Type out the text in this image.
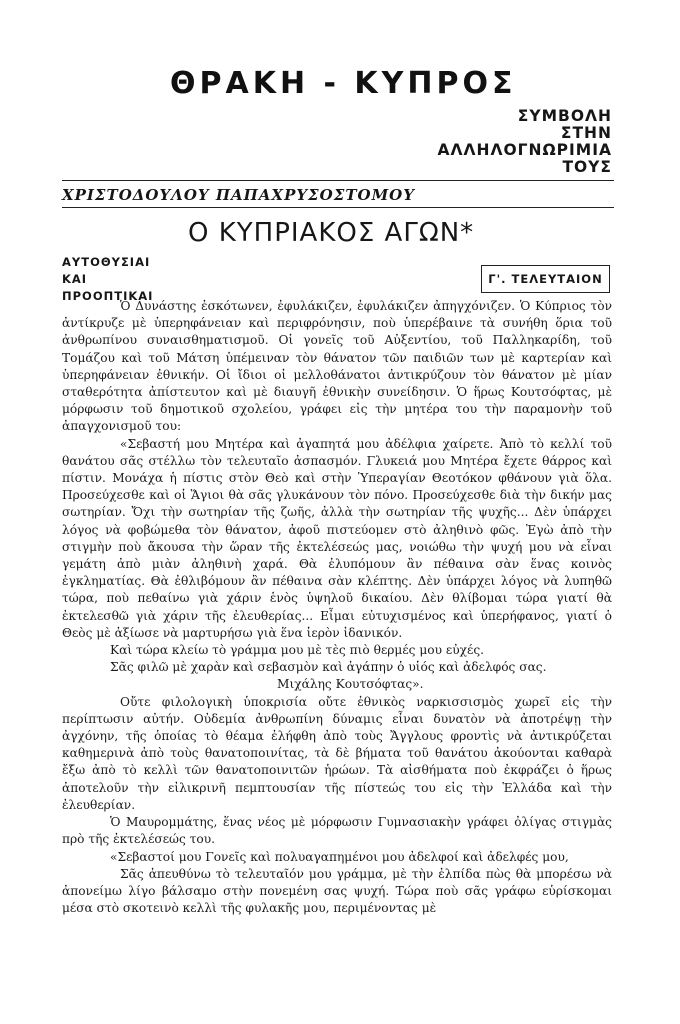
ΘΡΑΚΗ - ΚΥΠΡΟΣ
ΣΥΜΒΟΛΗ
ΣΤΗΝ
ΑΛΛΗΛΟΓΝΩΡΙΜΙΑ
ΤΟΥΣ
ΧΡΙΣΤΟΔΟΥΛΟΥ ΠΑΠΑΧΡΥΣΟΣΤΟΜΟΥ
Ο ΚΥΠΡΙΑΚΟΣ ΑΓΩΝ*
ΑΥΤΟΘΥΣΙΑΙ
ΚΑΙ
ΠΡΟΟΠΤΙΚΑΙ
Γ'. ΤΕΛΕΥΤΑΙΟΝ

Ὁ Δυνάστης ἐσκότωνεν, ἐφυλάκιζεν, ἐφυλάκιζεν ἀπηγχόνιζεν. Ὁ Κύπριος τὸν ἀντίκρυζε μὲ ὑπερηφάνειαν καὶ περιφρόνησιν, ποὺ ὑπερέβαινε τὰ συνήθη ὅρια τοῦ ἀνθρωπίνου συναισθηματισμοῦ. Οἱ γονεῖς τοῦ Αὐξεντίου, τοῦ Παλληκαρίδη, τοῦ Τομάζου καὶ τοῦ Μάτση ὑπέμειναν τὸν θάνατον τῶν παιδιῶν των μὲ καρτερίαν καὶ ὑπερηφάνειαν ἐθνικήν. Οἱ ἴδιοι οἱ μελλοθάνατοι ἀντικρύζουν τὸν θάνατον μὲ μίαν σταθερότητα ἀπίστευτον καὶ μὲ διαυγῆ ἐθνικὴν συνείδησιν. Ὁ ἥρως Κουτσόφτας, μὲ μόρφωσιν τοῦ δημοτικοῦ σχολείου, γράφει εἰς τὴν μητέρα του τὴν παραμονὴν τοῦ ἀπαγχονισμοῦ του:

«Σεβαστή μου Μητέρα καὶ ἀγαπητά μου ἀδέλφια χαίρετε. Ἀπὸ τὸ κελλί τοῦ θανάτου σᾶς στέλλω τὸν τελευταῖο ἀσπασμόν. Γλυκειά μου Μητέρα ἔχετε θάρρος καὶ πίστιν. Μονάχα ἡ πίστις στὸν Θεὸ καὶ στὴν Ὑπεραγίαν Θεοτόκον φθάνουν γιὰ ὅλα. Προσεύχεσθε καὶ οἱ Ἅγιοι θὰ σᾶς γλυκάνουν τὸν πόνο. Προσεύχεσθε διὰ τὴν δικήν μας σωτηρίαν. Ὄχι τὴν σωτηρίαν τῆς ζωῆς, ἀλλὰ τὴν σωτηρίαν τῆς ψυχῆς... Δὲν ὑπάρχει λόγος νὰ φοβώμεθα τὸν θάνατον, ἀφοῦ πιστεύομεν στὸ ἀληθινὸ φῶς. Ἐγὼ ἀπὸ τὴν στιγμὴν ποὺ ἄκουσα τὴν ὥραν τῆς ἐκτελέσεώς μας, νοιώθω τὴν ψυχή μου νὰ εἶναι γεμάτη ἀπὸ μιὰν ἀληθινὴ χαρά. Θὰ ἐλυπόμουν ἂν πέθαινα σὰν ἕνας κοινὸς ἐγκληματίας. Θὰ ἐθλιβόμουν ἂν πέθαινα σὰν κλέπτης. Δὲν ὑπάρχει λόγος νὰ λυπηθῶ τώρα, ποὺ πεθαίνω γιὰ χάριν ἑνὸς ὑψηλοῦ δικαίου. Δὲν θλίβομαι τώρα γιατί θὰ ἐκτελεσθῶ γιὰ χάριν τῆς ἐλευθερίας... Εἶμαι εὐτυχισμένος καὶ ὑπερήφανος, γιατί ὁ Θεὸς μὲ ἀξίωσε νὰ μαρτυρήσω γιὰ ἕνα ἱερὸν ἰδανικόν.

Καὶ τώρα κλείω τὸ γράμμα μου μὲ τὲς πιὸ θερμές μου εὐχές.

Σᾶς φιλῶ μὲ χαρὰν καὶ σεβασμὸν καὶ ἀγάπην ὁ υἱός καὶ ἀδελφός σας.

Μιχάλης Κουτσόφτας».

Οὔτε φιλολογικὴ ὑποκρισία οὔτε ἐθνικὸς ναρκισσισμὸς χωρεῖ εἰς τὴν περίπτωσιν αὐτήν. Οὐδεμία ἀνθρωπίνη δύναμις εἶναι δυνατὸν νὰ ἀποτρέψῃ τὴν ἀγχόνην, τῆς ὁποίας τὸ θέαμα ἐλήφθη ἀπὸ τοὺς Ἄγγλους φροντὶς νὰ ἀντικρύζεται καθημερινὰ ἀπὸ τοὺς θανατοποινίτας, τὰ δὲ βήματα τοῦ θανάτου ἀκούονται καθαρὰ ἔξω ἀπὸ τὸ κελλὶ τῶν θανατοποινιτῶν ἡρώων. Τὰ αἰσθήματα ποὺ ἐκφράζει ὁ ἥρως ἀποτελοῦν τὴν εἰλικρινῆ πεμπτουσίαν τῆς πίστεώς του εἰς τὴν Ἑλλάδα καὶ τὴν ἐλευθερίαν.

Ὁ Μαυρομμάτης, ἕνας νέος μὲ μόρφωσιν Γυμνασιακὴν γράφει ὀλίγας στιγμὰς πρὸ τῆς ἐκτελέσεώς του.

«Σεβαστοί μου Γονεῖς καὶ πολυαγαπημένοι μου ἀδελφοί καὶ ἀδελφές μου,

Σᾶς ἀπευθύνω τὸ τελευταῖόν μου γράμμα, μὲ τὴν ἐλπίδα πὼς θὰ μπορέσω νὰ ἀπονείμω λίγο βάλσαμο στὴν πονεμένη σας ψυχή. Τώρα ποὺ σᾶς γράφω εὑρίσκομαι μέσα στὸ σκοτεινὸ κελλὶ τῆς φυλακῆς μου, περιμένοντας μὲ
